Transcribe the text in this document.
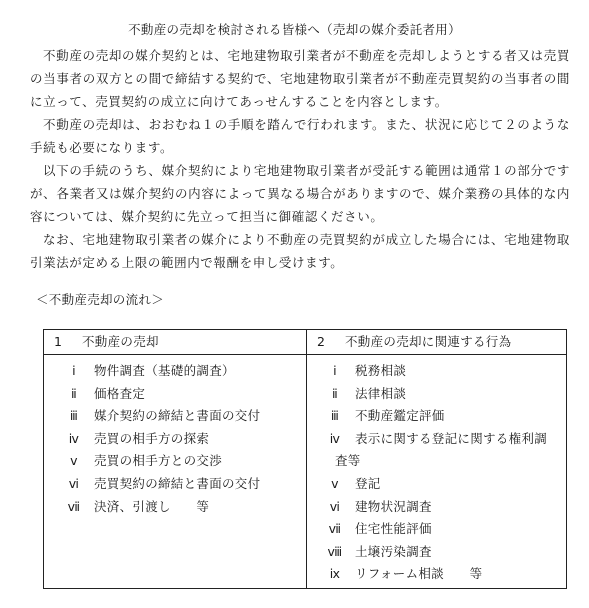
不動産の売却を検討される皆様へ（売却の媒介委託者用）

不動産の売却の媒介契約とは、宅地建物取引業者が不動産を売却しようとする者又は売買の当事者の双方との間で締結する契約で、宅地建物取引業者が不動産売買契約の当事者の間に立って、売買契約の成立に向けてあっせんすることを内容とします。

不動産の売却は、おおむね１の手順を踏んで行われます。また、状況に応じて２のような手続も必要になります。

以下の手続のうち、媒介契約により宅地建物取引業者が受託する範囲は通常１の部分ですが、各業者又は媒介契約の内容によって異なる場合がありますので、媒介業務の具体的な内容については、媒介契約に先立って担当に御確認ください。

なお、宅地建物取引業者の媒介により不動産の売買契約が成立した場合には、宅地建物取引業法が定める上限の範囲内で報酬を申し受けます。

＜不動産売却の流れ＞
1 不動産の売却
ⅰ 物件調査（基礎的調査）
ⅱ 価格査定
ⅲ 媒介契約の締結と書面の交付
ⅳ 売買の相手方の探索
ⅴ 売買の相手方との交渉
ⅵ 売買契約の締結と書面の交付
ⅶ 決済、引渡し　　等
2 不動産の売却に関連する行為
ⅰ 税務相談
ⅱ 法律相談
ⅲ 不動産鑑定評価
ⅳ 表示に関する登記に関する権利調
査等
ⅴ 登記
ⅵ 建物状況調査
ⅶ 住宅性能評価
ⅷ 土壌汚染調査
ⅸ リフォーム相談　　等
